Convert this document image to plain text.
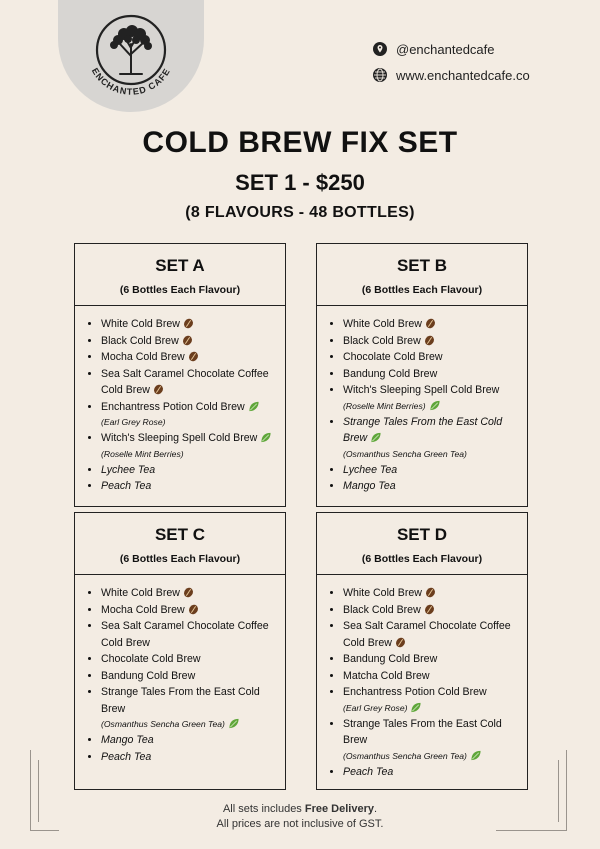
ENCHANTED CAFE
@enchantedcafe
www.enchantedcafe.co
COLD BREW FIX SET
SET 1 - $250
(8 FLAVOURS - 48 BOTTLES)
SET A
(6 Bottles Each Flavour)
• White Cold Brew
• Black Cold Brew
• Mocha Cold Brew
• Sea Salt Caramel Chocolate Coffee Cold Brew
• Enchantress Potion Cold Brew
(Earl Grey Rose)
• Witch's Sleeping Spell Cold Brew
(Roselle Mint Berries)
• Lychee Tea
• Peach Tea
SET B
(6 Bottles Each Flavour)
• White Cold Brew
• Black Cold Brew
• Chocolate Cold Brew
• Bandung Cold Brew
• Witch's Sleeping Spell Cold Brew
(Roselle Mint Berries)
• Strange Tales From the East Cold Brew
(Osmanthus Sencha Green Tea)
• Lychee Tea
• Mango Tea
SET C
(6 Bottles Each Flavour)
• White Cold Brew
• Mocha Cold Brew
• Sea Salt Caramel Chocolate Coffee Cold Brew
• Chocolate Cold Brew
• Bandung Cold Brew
• Strange Tales From the East Cold Brew
(Osmanthus Sencha Green Tea)
• Mango Tea
• Peach Tea
SET D
(6 Bottles Each Flavour)
• White Cold Brew
• Black Cold Brew
• Sea Salt Caramel Chocolate Coffee Cold Brew
• Bandung Cold Brew
• Matcha Cold Brew
• Enchantress Potion Cold Brew
(Earl Grey Rose)
• Strange Tales From the East Cold Brew
(Osmanthus Sencha Green Tea)
• Peach Tea
All sets includes Free Delivery.
All prices are not inclusive of GST.
